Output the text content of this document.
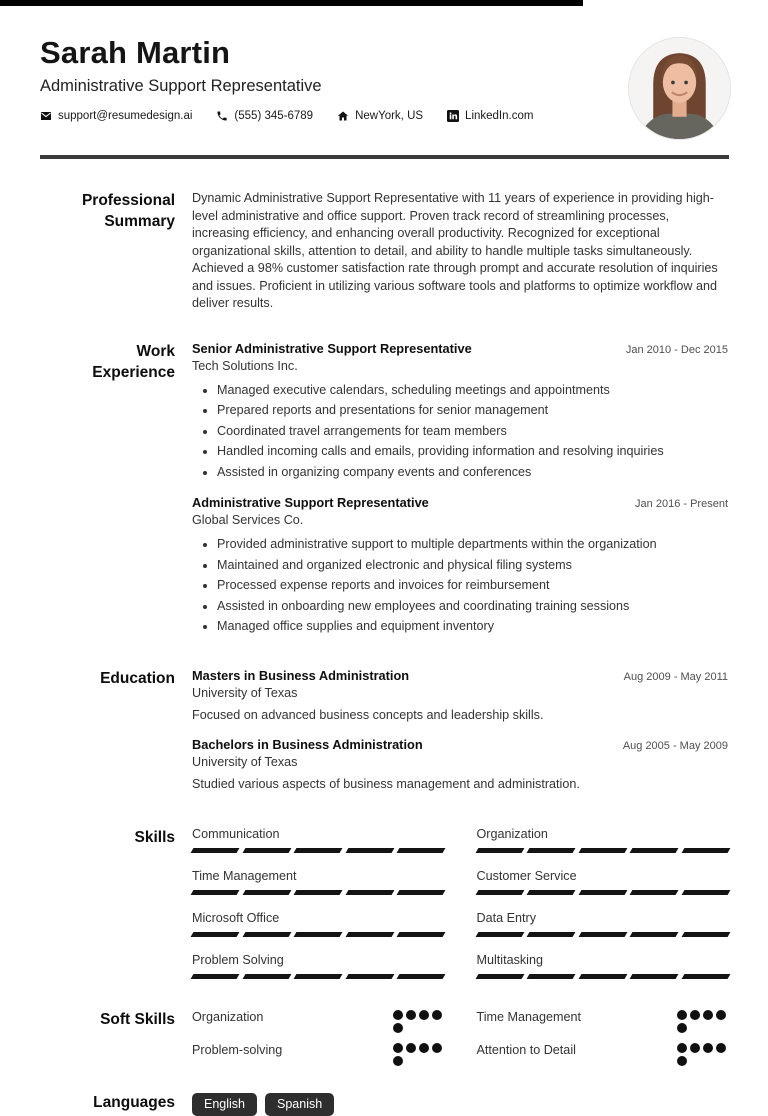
Sarah Martin
Administrative Support Representative
support@resumedesign.ai	(555) 345-6789	NewYork, US	LinkedIn.com
Professional Summary

Dynamic Administrative Support Representative with 11 years of experience in providing high-level administrative and office support. Proven track record of streamlining processes, increasing efficiency, and enhancing overall productivity. Recognized for exceptional organizational skills, attention to detail, and ability to handle multiple tasks simultaneously. Achieved a 98% customer satisfaction rate through prompt and accurate resolution of inquiries and issues. Proficient in utilizing various software tools and platforms to optimize workflow and deliver results.

Work Experience
Senior Administrative Support Representative	Jan 2010 - Dec 2015
Tech Solutions Inc.
• Managed executive calendars, scheduling meetings and appointments
• Prepared reports and presentations for senior management
• Coordinated travel arrangements for team members
• Handled incoming calls and emails, providing information and resolving inquiries
• Assisted in organizing company events and conferences
Administrative Support Representative	Jan 2016 - Present
Global Services Co.
• Provided administrative support to multiple departments within the organization
• Maintained and organized electronic and physical filing systems
• Processed expense reports and invoices for reimbursement
• Assisted in onboarding new employees and coordinating training sessions
• Managed office supplies and equipment inventory
Education Masters in Business Administration	Aug 2009 - May 2011
University of Texas

Focused on advanced business concepts and leadership skills.

Bachelors in Business Administration	Aug 2005 - May 2009
University of Texas

Studied various aspects of business management and administration.

Skills Communication	Organization
Time Management	Customer Service
Microsoft Office	Data Entry
Problem Solving	Multitasking
Soft Skills Organization	Time Management
Problem-solving	Attention to Detail
Languages	English	Spanish
